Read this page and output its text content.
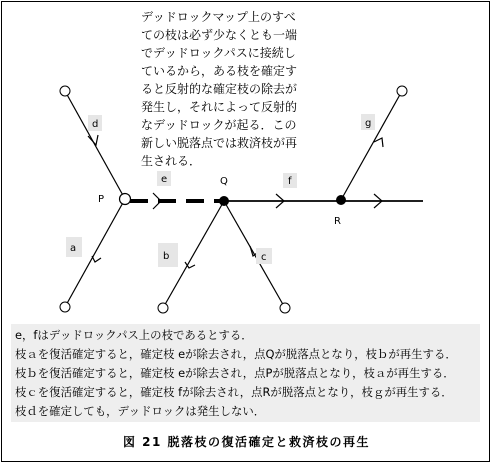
d
e	f
g
a
b	c
P
Q
R

デッドロックマップ上のすべての枝は必ず少なくとも一端でデッドロックパスに接続しているから，ある枝を確定すると反射的な確定枝の除去が発生し，それによって反射的なデッドロックが起る．この新しい脱落点では救済枝が再生される．

e，fはデッドロックパス上の枝であるとする．
枝ａを復活確定すると，確定枝 eが除去され，点Qが脱落点となり，枝ｂが再生する．
枝ｂを復活確定すると，確定枝 eが除去され，点Pが脱落点となり，枝ａが再生する．
枝ｃを復活確定すると，確定枝 fが除去され，点Rが脱落点となり，枝ｇが再生する．
枝ｄを確定しても，デッドロックは発生しない．
図 21 脱落枝の復活確定と救済枝の再生
